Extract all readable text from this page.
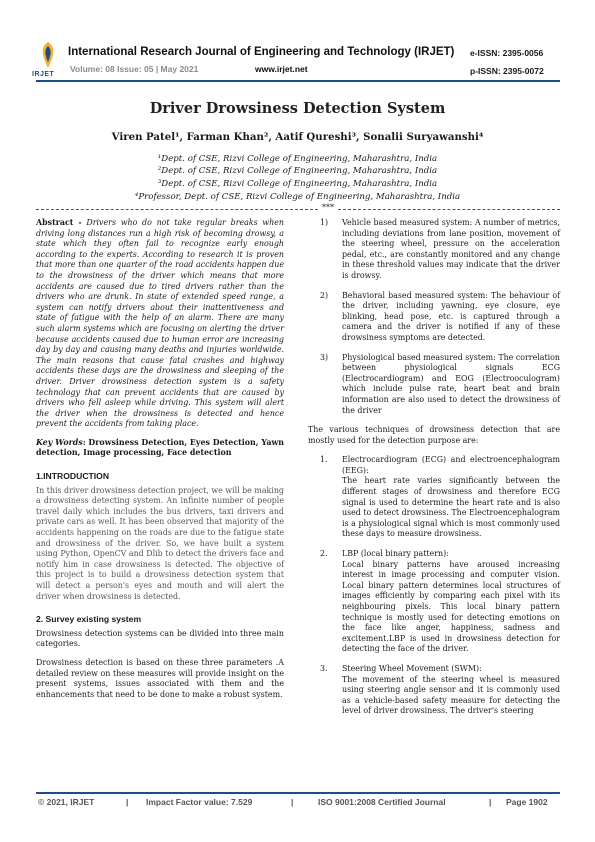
IRJET
International Research Journal of Engineering and Technology (IRJET)
Volume: 08 Issue: 05 | May 2021	www.irjet.net
e-ISSN: 2395-0056
p-ISSN: 2395-0072
Driver Drowsiness Detection System
Viren Patel¹, Farman Khan², Aatif Qureshi³, Sonalii Suryawanshi⁴
¹Dept. of CSE, Rizvi College of Engineering, Maharashtra, India
²Dept. of CSE, Rizvi College of Engineering, Maharashtra, India
³Dept. of CSE, Rizvi College of Engineering, Maharashtra, India
⁴Professor, Dept. of CSE, Rizvi College of Engineering, Maharashtra, India
***

Abstract - Drivers who do not take regular breaks when driving long distances run a high risk of becoming drowsy, a state which they often fail to recognize early enough according to the experts. According to research it is proven that more than one quarter of the road accidents happen due to the drowsiness of the driver which means that more accidents are caused due to tired drivers rather than the drivers who are drunk. In state of extended speed range, a system can notify drivers about their inattentiveness and state of fatigue with the help of an alarm. There are many such alarm systems which are focusing on alerting the driver because accidents caused due to human error are increasing day by day and causing many deaths and injuries worldwide. The main reasons that cause fatal crashes and highway accidents these days are the drowsiness and sleeping of the driver. Driver drowsiness detection system is a safety technology that can prevent accidents that are caused by drivers who fell asleep while driving. This system will alert the driver when the drowsiness is detected and hence prevent the accidents from taking place.

Key Words: Drowsiness Detection, Eyes Detection, Yawn detection, Image processing, Face detection

1.INTRODUCTION

In this driver drowsiness detection project, we will be making a drowsiness detecting system. An infinite number of people travel daily which includes the bus drivers, taxi drivers and private cars as well. It has been observed that majority of the accidents happening on the roads are due to the fatigue state and drowsiness of the driver. So, we have built a system using Python, OpenCV and Dlib to detect the drivers face and notify him in case drowsiness is detected. The objective of this project is to build a drowsiness detection system that will detect a person's eyes and mouth and will alert the driver when drowsiness is detected.

2. Survey existing system

Drowsiness detection systems can be divided into three main categories.

Drowsiness detection is based on these three parameters .A detailed review on these measures will provide insight on the present systems, issues associated with them and the enhancements that need to be done to make a robust system.

1) Vehicle based measured system: A number of metrics, including deviations from lane position, movement of the steering wheel, pressure on the acceleration pedal, etc., are constantly monitored and any change in these threshold values may indicate that the driver is drowsy.
2) Behavioral based measured system: The behaviour of the driver, including yawning, eye closure, eye blinking, head pose, etc. is captured through a camera and the driver is notified if any of these drowsiness symptoms are detected.
3) Physiological based measured system: The correlation between physiological signals ECG (Electrocardiogram) and EOG (Electrooculogram) which include pulse rate, heart beat and brain information are also used to detect the drowsiness of the driver

The various techniques of drowsiness detection that are mostly used for the detection purpose are:

1. Electrocardiogram (ECG) and electroencephalogram (EEG):
The heart rate varies significantly between the different stages of drowsiness and therefore ECG signal is used to determine the heart rate and is also used to detect drowsiness. The Electroencephalogram is a physiological signal which is most commonly used these days to measure drowsiness.
2. LBP (local binary pattern):
Local binary patterns have aroused increasing interest in image processing and computer vision. Local binary pattern determines local structures of images efficiently by comparing each pixel with its neighbouring pixels. This local binary pattern technique is mostly used for detecting emotions on the face like anger, happiness, sadness and excitement.LBP is used in drowsiness detection for detecting the face of the driver.
3. Steering Wheel Movement (SWM):
The movement of the steering wheel is measured using steering angle sensor and it is commonly used as a vehicle-based safety measure for detecting the level of driver drowsiness. The driver's steering
© 2021, IRJET	| Impact Factor value: 7.529	|	ISO 9001:2008 Certified Journal	| Page 1902
